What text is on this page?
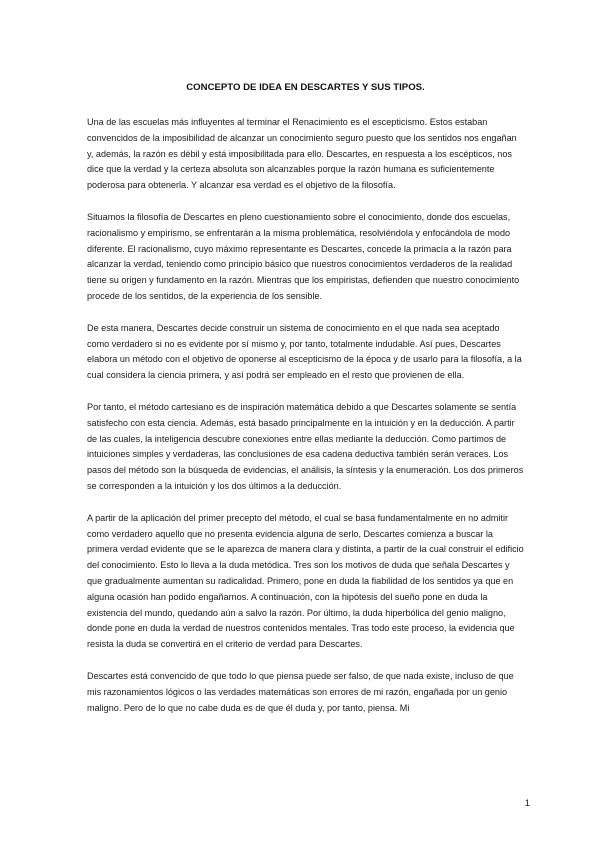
CONCEPTO DE IDEA EN DESCARTES Y SUS TIPOS.

Una de las escuelas más influyentes al terminar el Renacimiento es el escepticismo. Estos estaban convencidos de la imposibilidad de alcanzar un conocimiento seguro puesto que los sentidos nos engañan y, además, la razón es débil y está imposibilitada para ello. Descartes, en respuesta a los escépticos, nos dice que la verdad y la certeza absoluta son alcanzables porque la razón humana es suficientemente poderosa para obtenerla. Y alcanzar esa verdad es el objetivo de la filosofía.

Situamos la filosofía de Descartes en pleno cuestionamiento sobre el conocimiento, donde dos escuelas, racionalismo y empirismo, se enfrentarán a la misma problemática, resolviéndola y enfocándola de modo diferente. El racionalismo, cuyo máximo representante es Descartes, concede la primacía a la razón para alcanzar la verdad, teniendo como principio básico que nuestros conocimientos verdaderos de la realidad tiene su origen y fundamento en la razón. Mientras que los empiristas, defienden que nuestro conocimiento procede de los sentidos, de la experiencia de los sensible.

De esta manera, Descartes decide construir un sistema de conocimiento en el que nada sea aceptado como verdadero si no es evidente por sí mismo y, por tanto, totalmente indudable. Así pues, Descartes elabora un método con el objetivo de oponerse al escepticismo de la época y de usarlo para la filosofía, a la cual considera la ciencia primera, y así podrá ser empleado en el resto que provienen de ella.

Por tanto, el método cartesiano es de inspiración matemática debido a que Descartes solamente se sentía satisfecho con esta ciencia. Además, está basado principalmente en la intuición y en la deducción. A partir de las cuales, la inteligencia descubre conexiones entre ellas mediante la deducción. Como partimos de intuiciones simples y verdaderas, las conclusiones de esa cadena deductiva también serán veraces. Los pasos del método son la búsqueda de evidencias, el análisis, la síntesis y la enumeración. Los dos primeros se corresponden a la intuición y los dos últimos a la deducción.

A partir de la aplicación del primer precepto del método, el cual se basa fundamentalmente en no admitir como verdadero aquello que no presenta evidencia alguna de serlo, Descartes comienza a buscar la primera verdad evidente que se le aparezca de manera clara y distinta, a partir de la cual construir el edificio del conocimiento. Esto lo lleva a la duda metódica. Tres son los motivos de duda que señala Descartes y que gradualmente aumentan su radicalidad. Primero, pone en duda la fiabilidad de los sentidos ya que en alguna ocasión han podido engañarnos. A continuación, con la hipótesis del sueño pone en duda la existencia del mundo, quedando aún a salvo la razón. Por último, la duda hiperbólica del genio maligno, donde pone en duda la verdad de nuestros contenidos mentales. Tras todo este proceso, la evidencia que resista la duda se convertirá en el criterio de verdad para Descartes.

Descartes está convencido de que todo lo que piensa puede ser falso, de que nada existe, incluso de que mis razonamientos lógicos o las verdades matemáticas son errores de mi razón, engañada por un genio maligno. Pero de lo que no cabe duda es de que él duda y, por tanto, piensa. Mi

1
